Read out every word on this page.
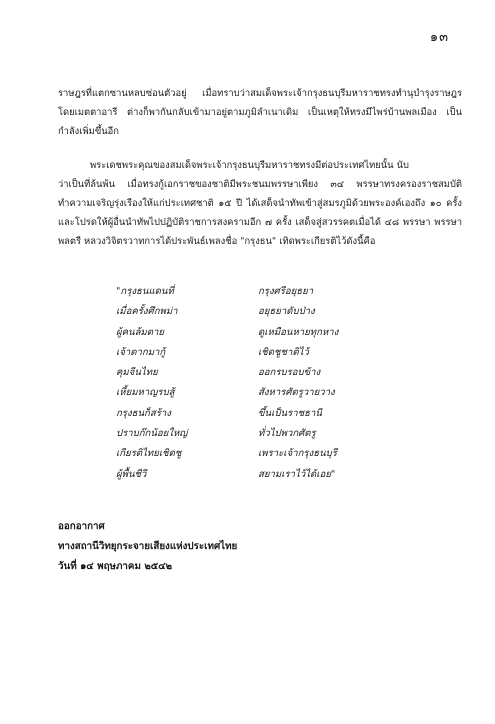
๑๓
ราษฎรที่แตกซานหลบซ่อนตัวอยู่ เมื่อทราบว่าสมเด็จพระเจ้ากรุงธนบุรีมหาราชทรงทำนุบำรุงราษฎรโดยเมตตาอารี ต่างก็พากันกลับเข้ามาอยู่ตามภูมิลำเนาเดิม เป็นเหตุให้ทรงมีไพร่บ้านพลเมือง เป็นกำลังเพิ่มขึ้นอีก
พระเดชพระคุณของสมเด็จพระเจ้ากรุงธนบุรีมหาราชทรงมีต่อประเทศไทยนั้น นับ
ว่าเป็นที่ล้นพ้น เมื่อทรงกู้เอกราชของชาติมีพระชนมพรรษาเพียง ๓๔ พรรษาทรงครองราชสมบัติทำความเจริญรุ่งเรืองให้แก่ประเทศชาติ ๑๕ ปี ได้เสด็จนำทัพเข้าสู่สมรภูมิด้วยพระองค์เองถึง ๑๐ ครั้ง และโปรดให้ผู้อื่นนำทัพไปปฏิบัติราชการสงครามอีก ๗ ครั้ง เสด็จสู่สวรรคตเมื่อได้ ๔๘ พรรษา พรรษา พลตรี หลวงวิจิตรวาทการได้ประพันธ์เพลงชื่อ "กรุงธน" เทิดพระเกียรติไว้ดังนี้คือ
"กรุงธนแดนที่	กรุงศรีอยุธยา
เมื่อครั้งศึกพม่า	อยุธยาดับป่าง
ผู้คนล้มตาย	ดูเหมือนหายทุกหาง
เจ้าตากมากู้	เชิดชูชาติไว้
คุมจีนไทย	ออกรบรอบข้าง
เหี้ยมหาญรบสู้	สังหารศัตรูวายวาง
กรุงธนก็สร้าง	ขึ้นเป็นราชธานี
ปราบก๊กน้อยใหญ่	ทั่วไปพวกศัตรู
เกียรติไทยเชิดชู	เพราะเจ้ากรุงธนบุรี
ผู้พื้นชีวี	สยามเราไว้ได้เอย"
ออกอากาศ
ทางสถานีวิทยุกระจายเสียงแห่งประเทศไทย
วันที่ ๑๔ พฤษภาคม ๒๕๔๒
